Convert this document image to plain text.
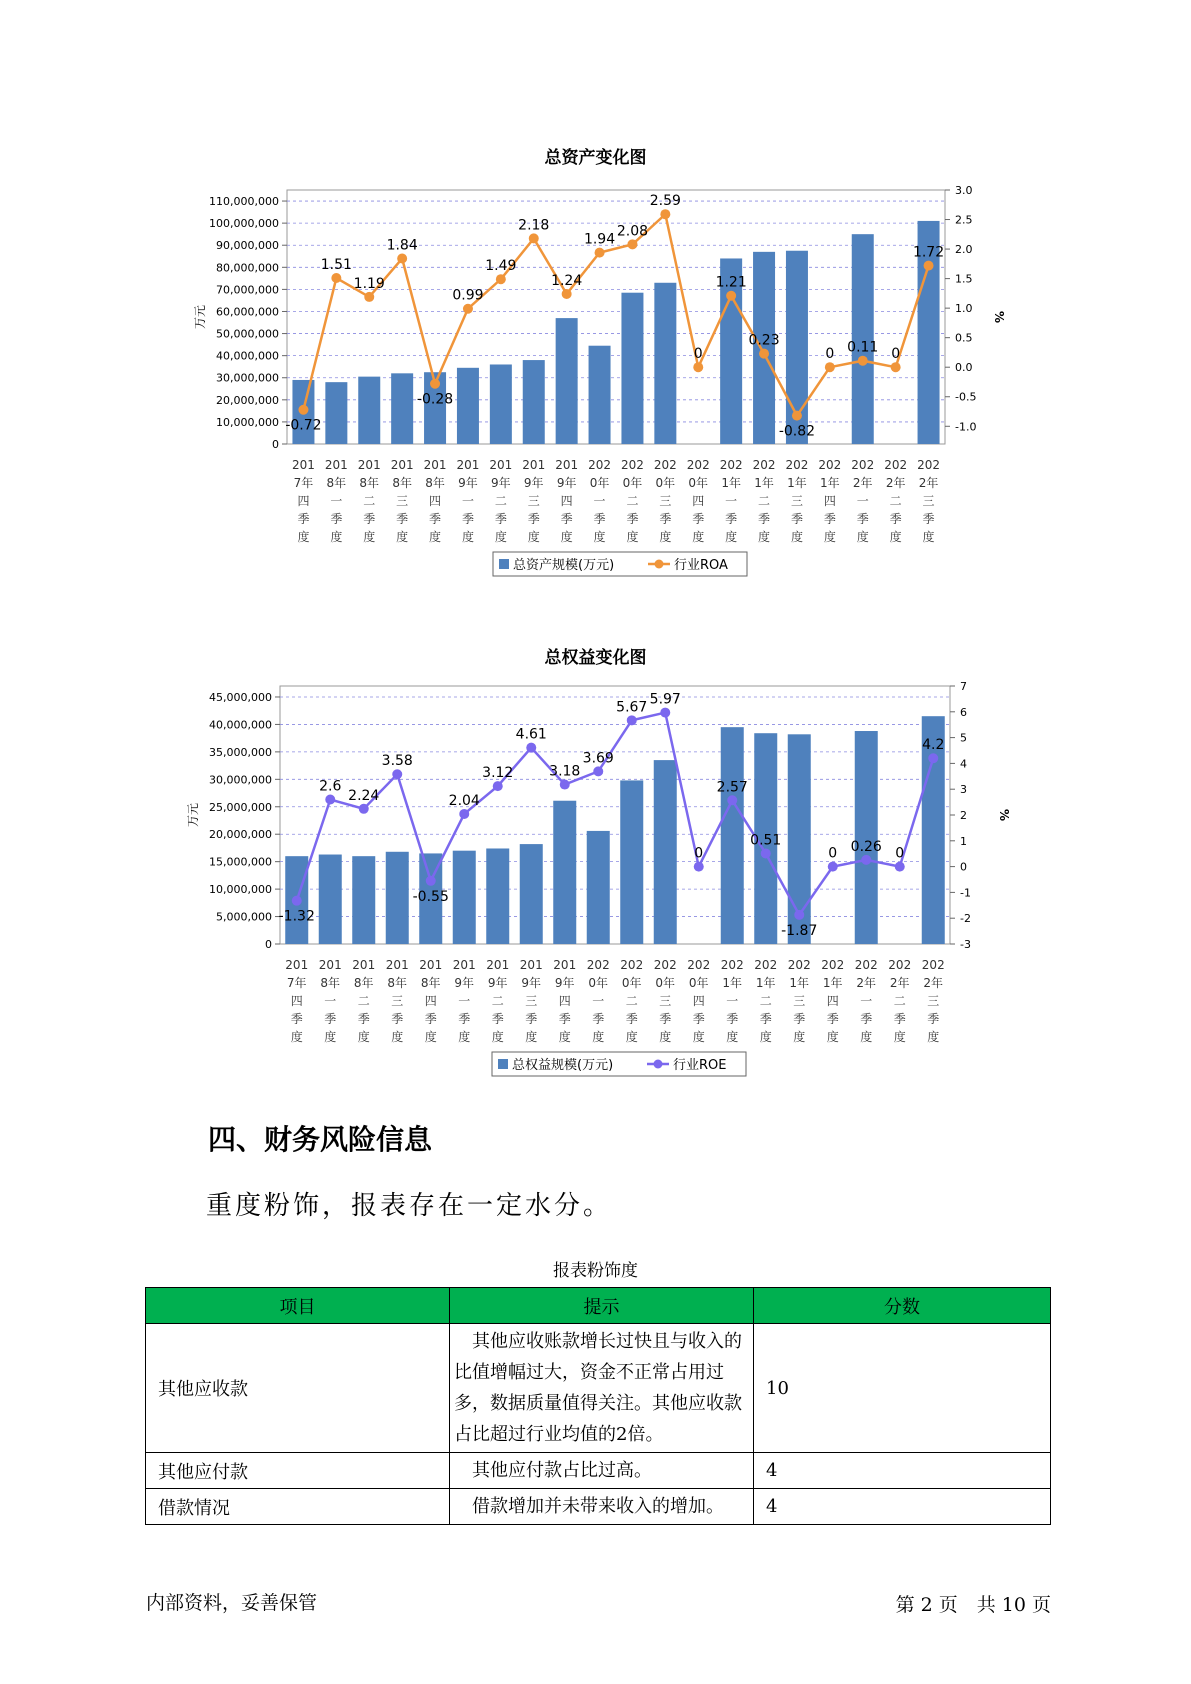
总资产变化图
110,000,000
100,000,000
90,000,000
80,000,000
70,000,000
60,000,000
50,000,000
40,000,000
30,000,000
20,000,000
10,000,000
0
3.0
2.5
2.0
1.5
1.0
0.5
0.0
-0.5
-1.0
万元	%
-0.72
1.51
1.19
1.84
-0.28
0.99
1.49
2.18
1.24
1.94
2.08
2.59
0
1.21
0.23
-0.82
0 0.11 0
1.72
201
7年
四
季
度
201
8年
一
季
度
201
8年
二
季
度
201
8年
三
季
度
201
8年
四
季
度
201
9年
一
季
度
201
9年
二
季
度
201
9年
三
季
度
201
9年
四
季
度
202
0年
一
季
度
202
0年
二
季
度
202
0年
三
季
度
202
0年
四
季
度
202
1年
一
季
度
202
1年
二
季
度
202
1年
三
季
度
202
1年
四
季
度
202
2年
一
季
度
202
2年
二
季
度
202
2年
三
季
度
总资产规模(万元)	行业ROA
总权益变化图
45,000,000
40,000,000
35,000,000
30,000,000
25,000,000
20,000,000
15,000,000
10,000,000
5,000,000
0
7
6
5
4
3
2
1
0
-1
-2
-3
万元	%
-1.32
2.6
2.24
3.58
-0.55
2.04
3.12
4.61
3.18
3.69
5.67 5.97
0
2.57
0.51
-1.87
0 0.26 0
4.2
201
7年
四
季
度
201
8年
一
季
度
201
8年
二
季
度
201
8年
三
季
度
201
8年
四
季
度
201
9年
一
季
度
201
9年
二
季
度
201
9年
三
季
度
201
9年
四
季
度
202
0年
一
季
度
202
0年
二
季
度
202
0年
三
季
度
202
0年
四
季
度
202
1年
一
季
度
202
1年
二
季
度
202
1年
三
季
度
202
1年
四
季
度
202
2年
一
季
度
202
2年
二
季
度
202
2年
三
季
度
总权益规模(万元)	行业ROE
四、财务风险信息
重度粉饰，报表存在一定水分。
报表粉饰度
项目	提示	分数
其他应收款	　其他应收账款增长过快且与收入的比值增幅过大，资金不正常占用过多，数据质量值得关注。其他应收款占比超过行业均值的2倍。	10
其他应付款	　其他应付款占比过高。	4
借款情况	　借款增加并未带来收入的增加。	4
内部资料，妥善保管	第 2 页　共 10 页
